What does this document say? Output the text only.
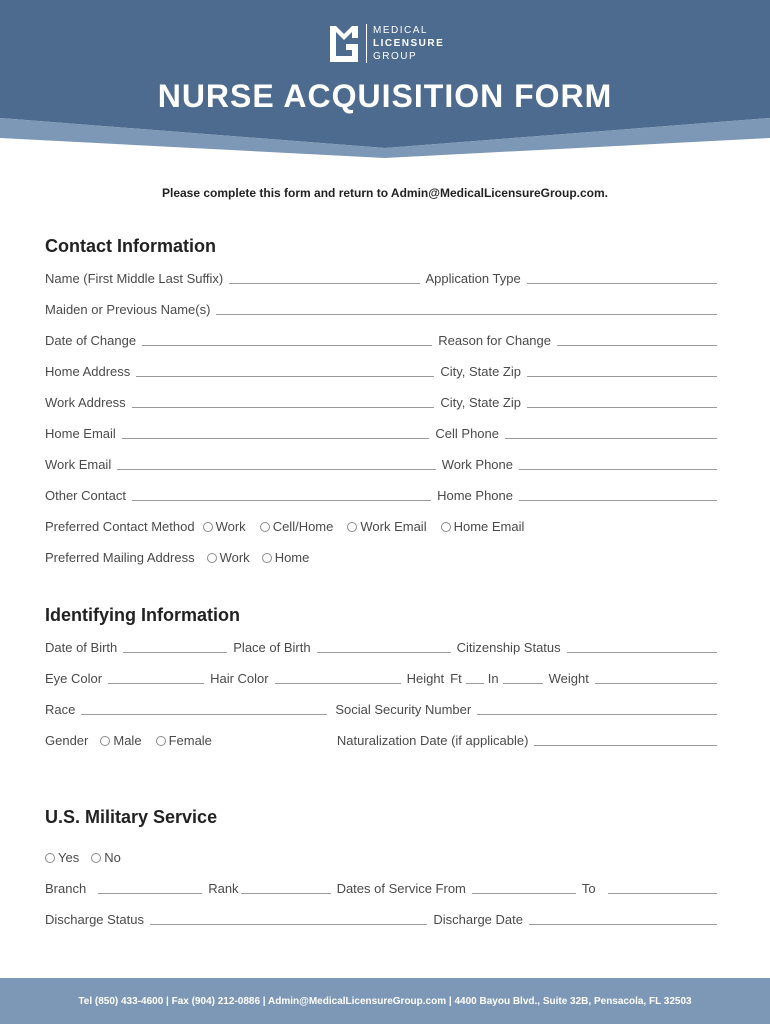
MEDICAL
LICENSURE
GROUP
NURSE ACQUISITION FORM
Please complete this form and return to Admin@MedicalLicensureGroup.com.
Contact Information
Name (First Middle Last Suffix)	Application Type
Maiden or Previous Name(s)
Date of Change	Reason for Change
Home Address	City, State Zip
Work Address	City, State Zip
Home Email	Cell Phone
Work Email	Work Phone
Other Contact	Home Phone
Preferred Contact Method Work Cell/Home Work Email Home Email
Preferred Mailing Address Work Home
Identifying Information
Date of Birth	Place of Birth	Citizenship Status
Eye Color	Hair Color	Height Ft In	Weight
Race	Social Security Number
Gender Male Female	Naturalization Date (if applicable)
U.S. Military Service
Yes No
Branch	Rank	Dates of Service From	To
Discharge Status	Discharge Date
Tel (850) 433-4600 | Fax (904) 212-0886 | Admin@MedicalLicensureGroup.com | 4400 Bayou Blvd., Suite 32B, Pensacola, FL 32503
